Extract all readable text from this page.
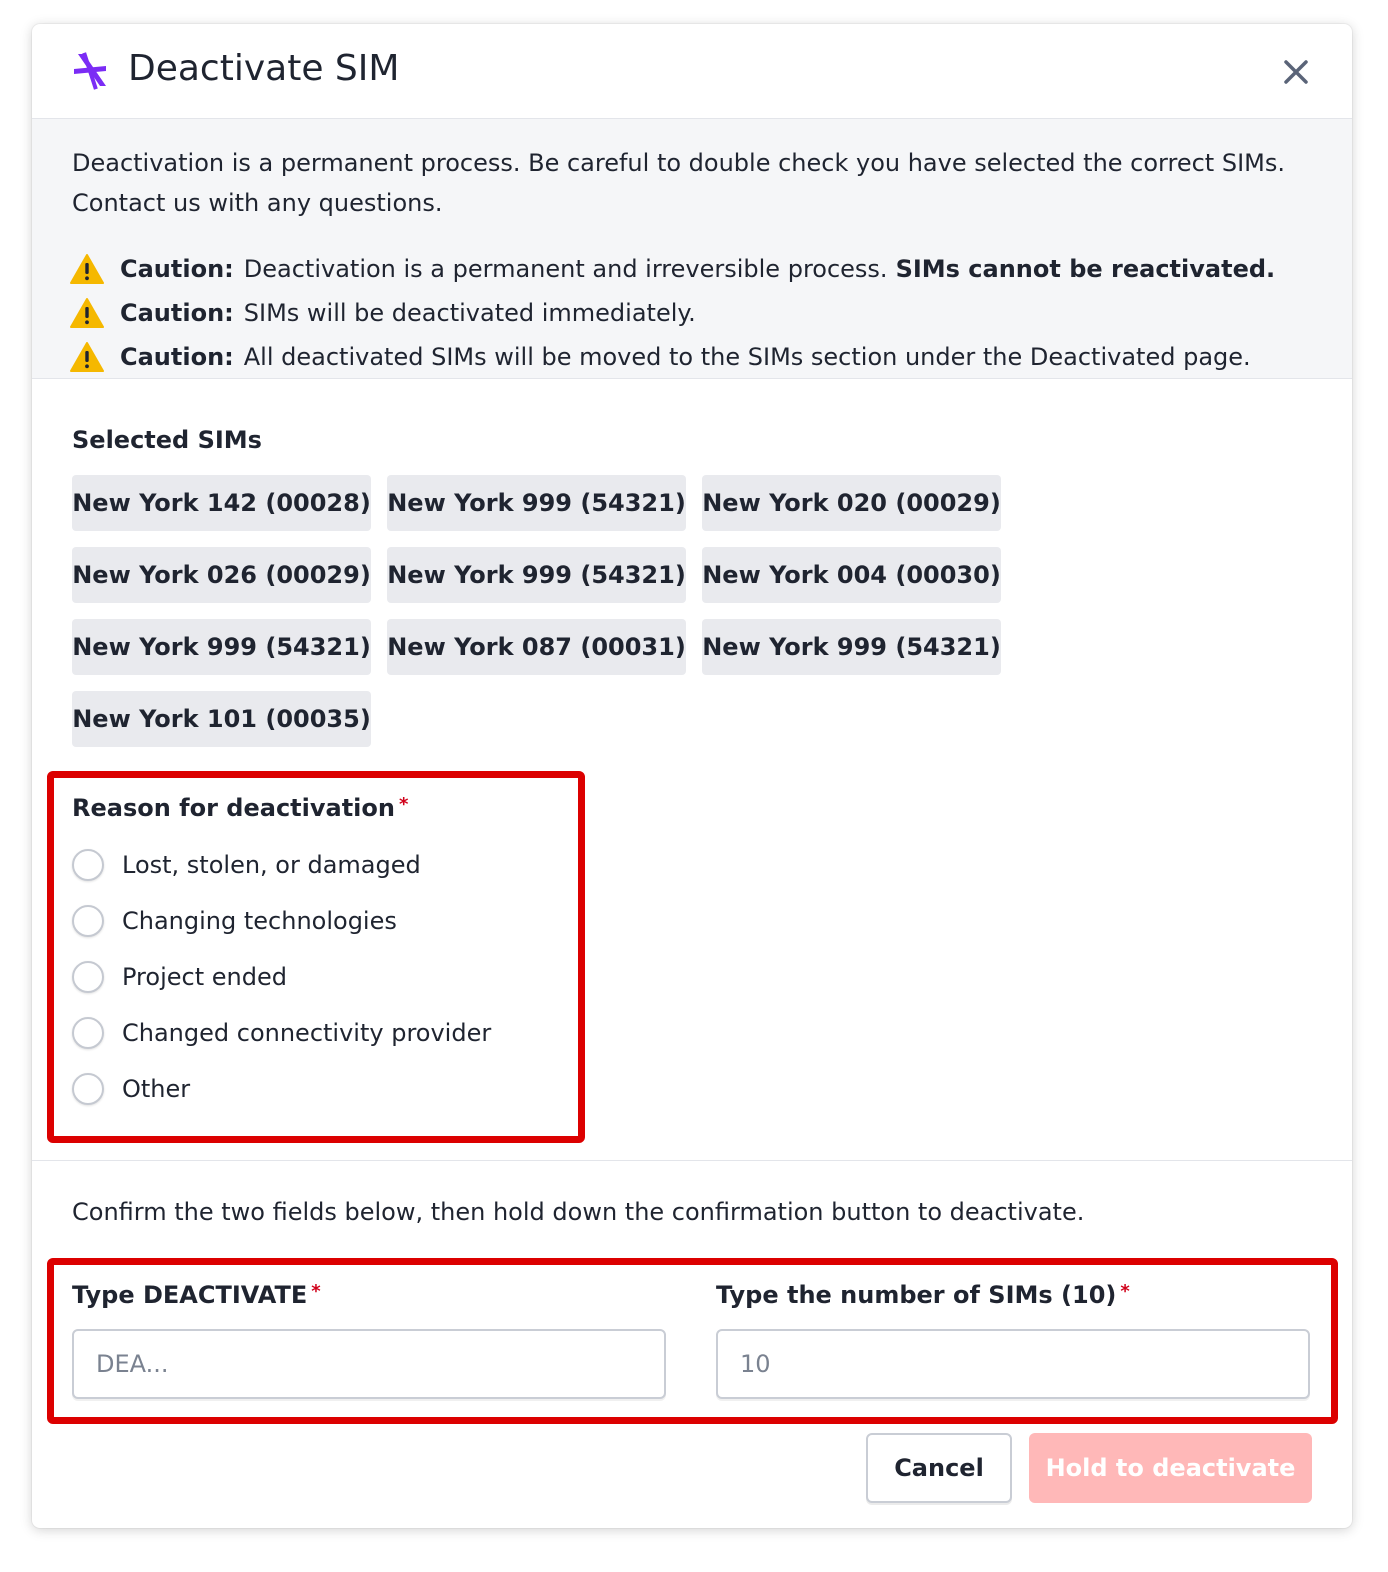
Deactivate SIM
Deactivation is a permanent process. Be careful to double check you have selected the correct SIMs. Contact us with any questions.
Caution: Deactivation is a permanent and irreversible process. SIMs cannot be reactivated.
Caution: SIMs will be deactivated immediately.
Caution: All deactivated SIMs will be moved to the SIMs section under the Deactivated page.
Selected SIMs
New York 142 (00028) New York 999 (54321) New York 020 (00029)
New York 026 (00029) New York 999 (54321) New York 004 (00030)
New York 999 (54321) New York 087 (00031) New York 999 (54321)
New York 101 (00035)
Reason for deactivation *
Lost, stolen, or damaged
Changing technologies
Project ended
Changed connectivity provider
Other
Confirm the two fields below, then hold down the confirmation button to deactivate.
Type DEACTIVATE *
DEA...	Type the number of SIMs (10) *
10
Cancel	Hold to deactivate
